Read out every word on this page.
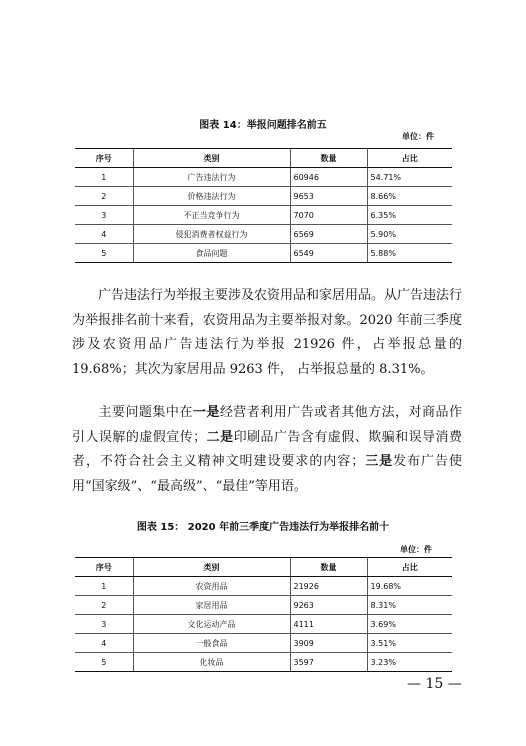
图表 14：举报问题排名前五
单位：件
序号	类别	数量	占比
1	广告违法行为	60946	54.71%
2	价格违法行为	9653	8.66%
3	不正当竞争行为	7070	6.35%
4	侵犯消费者权益行为	6569	5.90%
5	食品问题	6549	5.88%

广告违法行为举报主要涉及农资用品和家居用品。从广告违法行为举报排名前十来看，农资用品为主要举报对象。2020 年前三季度涉及农资用品广告违法行为举报 21926 件，占举报总量的 19.68%；其次为家居用品 9263 件， 占举报总量的 8.31%。

主要问题集中在一是经营者利用广告或者其他方法，对商品作引人误解的虚假宣传；二是印刷品广告含有虚假、欺骗和误导消费者，不符合社会主义精神文明建设要求的内容；三是发布广告使用“国家级”、“最高级”、“最佳”等用语。

图表 15： 2020 年前三季度广告违法行为举报排名前十
单位：件
序号	类别	数量	占比
1	农资用品	21926	19.68%
2	家居用品	9263	8.31%
3	文化运动产品	4111	3.69%
4	一般食品	3909	3.51%
5	化妆品	3597	3.23%
— 15 —
